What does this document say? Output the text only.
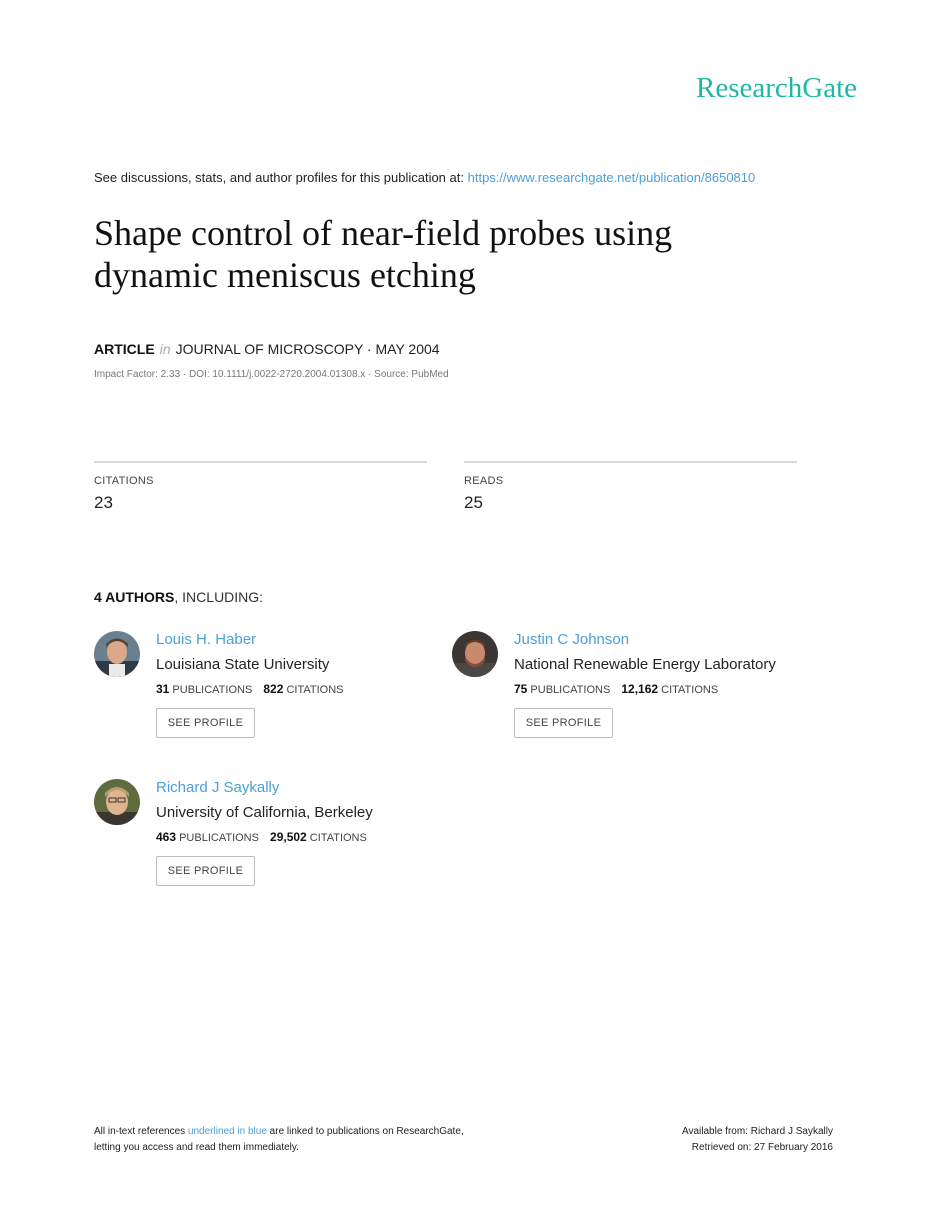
ResearchGate
See discussions, stats, and author profiles for this publication at: https://www.researchgate.net/publication/8650810
Shape control of near-field probes using
dynamic meniscus etching
ARTICLE in JOURNAL OF MICROSCOPY · MAY 2004
Impact Factor: 2.33 · DOI: 10.1111/j.0022-2720.2004.01308.x · Source: PubMed
CITATIONS
23
READS
25
4 AUTHORS, INCLUDING:
Louis H. Haber
Louisiana State University
31 PUBLICATIONS 822 CITATIONS
SEE PROFILE
Justin C Johnson
National Renewable Energy Laboratory
75 PUBLICATIONS 12,162 CITATIONS
SEE PROFILE
Richard J Saykally
University of California, Berkeley
463 PUBLICATIONS 29,502 CITATIONS
SEE PROFILE
All in-text references underlined in blue are linked to publications on ResearchGate,
letting you access and read them immediately.
Available from: Richard J Saykally
Retrieved on: 27 February 2016
